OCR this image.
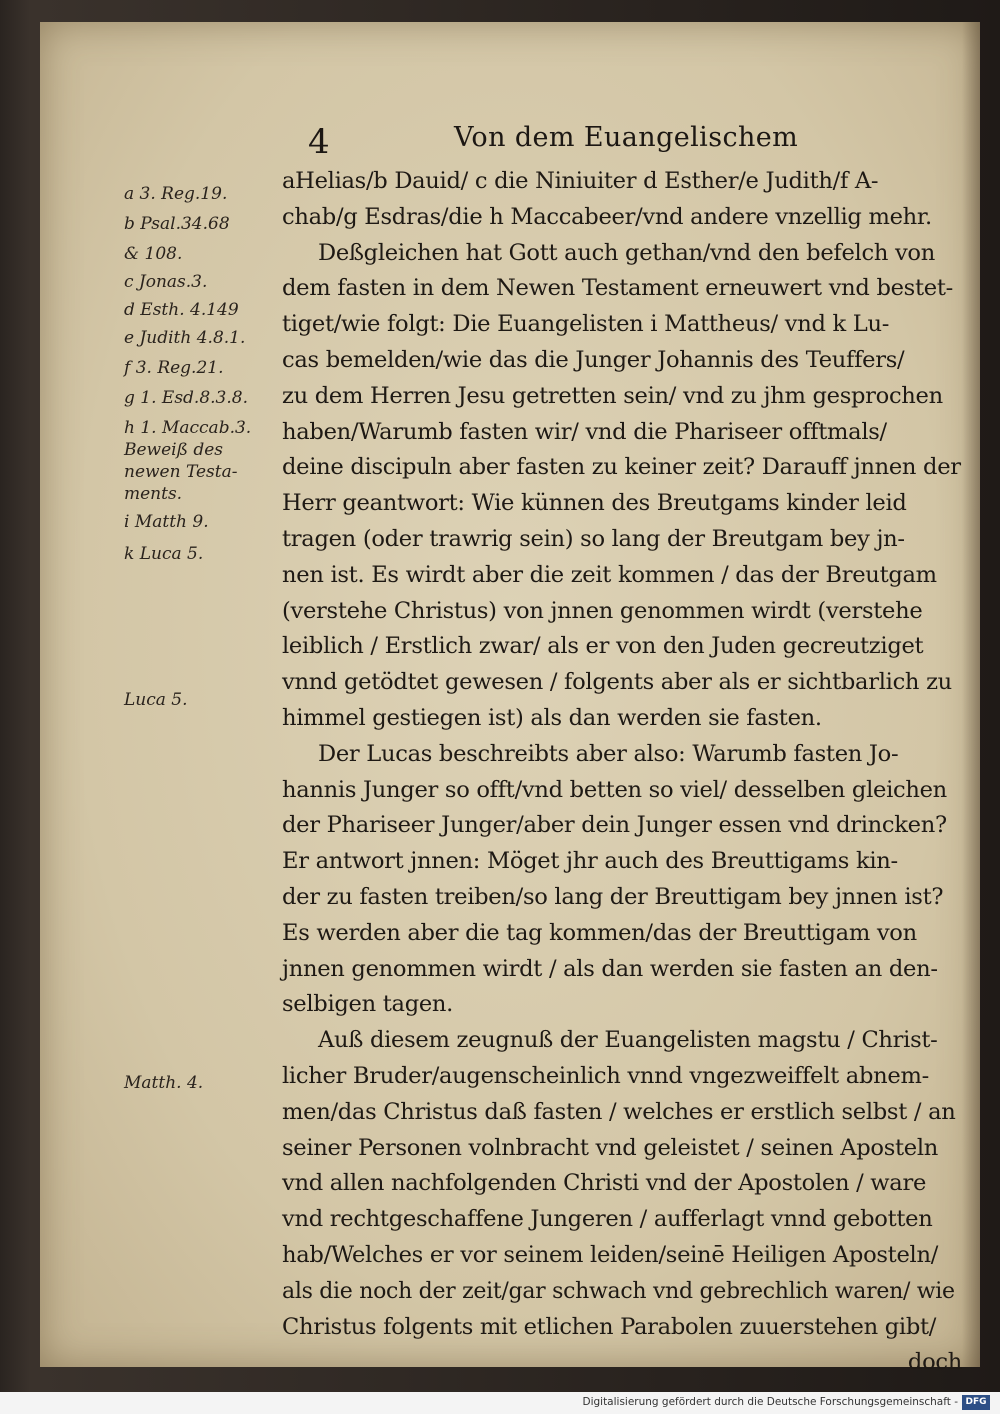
4	Von dem Euangelischem
a 3. Reg.19.
b Psal.34.68
& 108.
c Jonas.3.
d Esth. 4.149
e Judith 4.8.1.
f 3. Reg.21.
g 1. Esd.8.3.8.
h 1. Maccab.3.
Beweiß des
newen Testa-
ments.
i Matth 9.
k Luca 5.
Luca 5.
Matth. 4.
aHelias/b Dauid/ c die Niniuiter d Esther/e Judith/f A-
chab/g Esdras/die h Maccabeer/vnd andere vnzellig mehr.
Deßgleichen hat Gott auch gethan/vnd den befelch von
dem fasten in dem Newen Testament erneuwert vnd bestet-
tiget/wie folgt: Die Euangelisten i Mattheus/ vnd k Lu-
cas bemelden/wie das die Junger Johannis des Teuffers/
zu dem Herren Jesu getretten sein/ vnd zu jhm gesprochen
haben/Warumb fasten wir/ vnd die Phariseer offtmals/
deine discipuln aber fasten zu keiner zeit? Darauff jnnen der
Herr geantwort: Wie künnen des Breutgams kinder leid
tragen (oder trawrig sein) so lang der Breutgam bey jn-
nen ist. Es wirdt aber die zeit kommen / das der Breutgam
(verstehe Christus) von jnnen genommen wirdt (verstehe
leiblich / Erstlich zwar/ als er von den Juden gecreutziget
vnnd getödtet gewesen / folgents aber als er sichtbarlich zu
himmel gestiegen ist) als dan werden sie fasten.
Der Lucas beschreibts aber also: Warumb fasten Jo-
hannis Junger so offt/vnd betten so viel/ desselben gleichen
der Phariseer Junger/aber dein Junger essen vnd drincken?
Er antwort jnnen: Möget jhr auch des Breuttigams kin-
der zu fasten treiben/so lang der Breuttigam bey jnnen ist?
Es werden aber die tag kommen/das der Breuttigam von
jnnen genommen wirdt / als dan werden sie fasten an den-
selbigen tagen.
Auß diesem zeugnuß der Euangelisten magstu / Christ-
licher Bruder/augenscheinlich vnnd vngezweiffelt abnem-
men/das Christus daß fasten / welches er erstlich selbst / an
seiner Personen volnbracht vnd geleistet / seinen Aposteln
vnd allen nachfolgenden Christi vnd der Apostolen / ware
vnd rechtgeschaffene Jungeren / aufferlagt vnnd gebotten
hab/Welches er vor seinem leiden/seinē Heiligen Aposteln/
als die noch der zeit/gar schwach vnd gebrechlich waren/ wie
Christus folgents mit etlichen Parabolen zuuerstehen gibt/
doch
Digitalisierung gefördert durch die Deutsche Forschungsgemeinschaft - DFG
